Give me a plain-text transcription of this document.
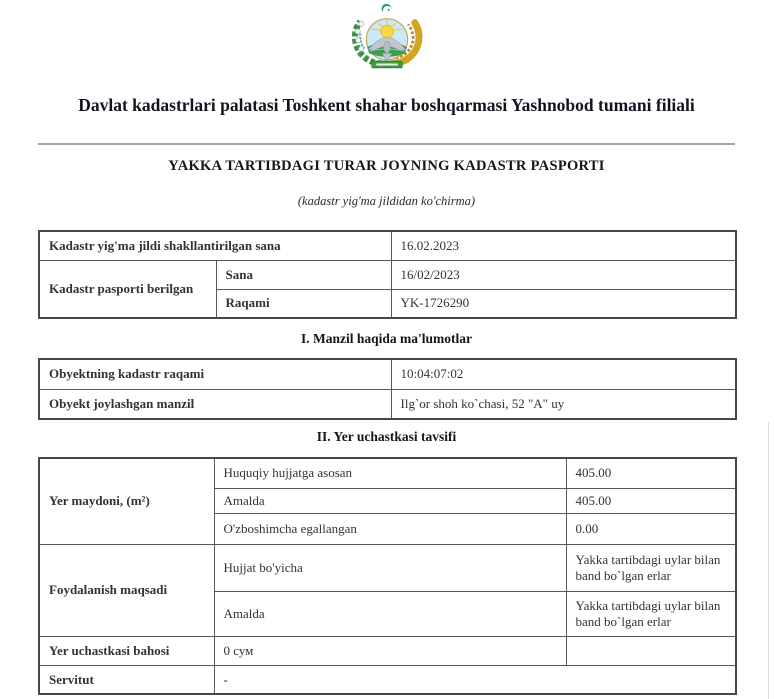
Davlat kadastrlari palatasi Toshkent shahar boshqarmasi Yashnobod tumani filiali
YAKKA TARTIBDAGI TURAR JOYNING KADASTR PASPORTI
(kadastr yig'ma jildidan ko'chirma)
Kadastr yig'ma jildi shakllantirilgan sana		16.02.2023
Kadastr pasporti berilgan	Sana	16/02/2023
	Raqami	YK-1726290
I. Manzil haqida ma'lumotlar
Obyektning kadastr raqami	10:04:07:02
Obyekt joylashgan manzil	Ilg`or shoh ko`chasi, 52 "A" uy
II. Yer uchastkasi tavsifi
Yer maydoni, (m²)	Huquqiy hujjatga asosan	405.00
	Amalda	405.00
	O'zboshimcha egallangan	0.00
Foydalanish maqsadi	Hujjat bo'yicha	Yakka tartibdagi uylar bilan band bo`lgan erlar
	Amalda	Yakka tartibdagi uylar bilan band bo`lgan erlar
Yer uchastkasi bahosi	0 сум	
Servitut	-	
